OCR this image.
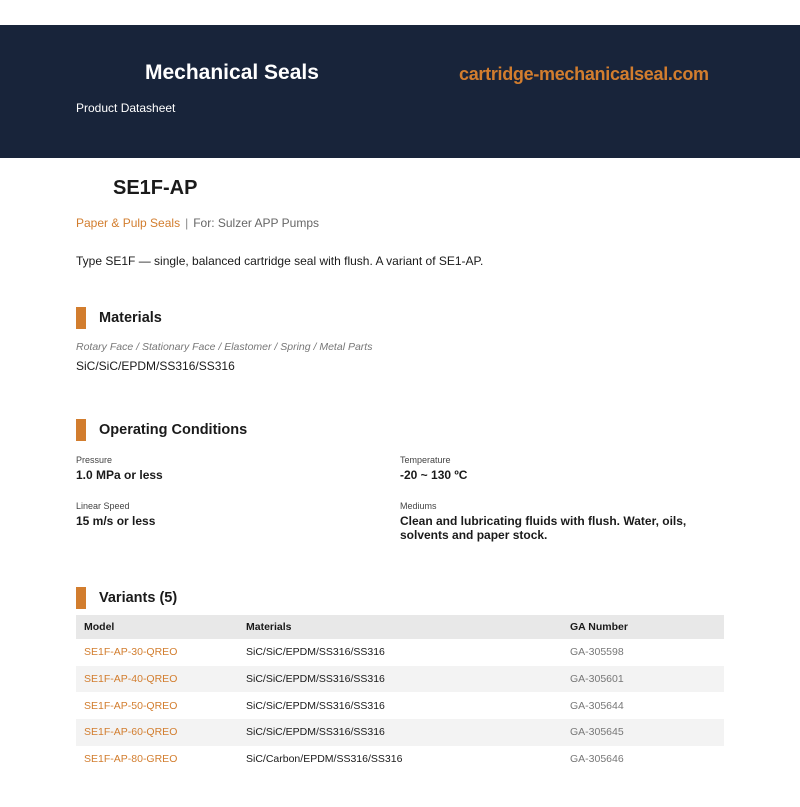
Mechanical Seals
Product Datasheet
cartridge-mechanicalseal.com
SE1F-AP
Paper & Pulp Seals | For: Sulzer APP Pumps
Type SE1F — single, balanced cartridge seal with flush. A variant of SE1-AP.
Materials
Rotary Face / Stationary Face / Elastomer / Spring / Metal Parts
SiC/SiC/EPDM/SS316/SS316
Operating Conditions
Pressure
1.0 MPa or less
Temperature
-20 ~ 130 ºC
Linear Speed
15 m/s or less
Mediums
Clean and lubricating fluids with flush. Water, oils, solvents and paper stock.
Variants (5)
Model	Materials	GA Number
SE1F-AP-30-QREO	SiC/SiC/EPDM/SS316/SS316	GA-305598
SE1F-AP-40-QREO	SiC/SiC/EPDM/SS316/SS316	GA-305601
SE1F-AP-50-QREO	SiC/SiC/EPDM/SS316/SS316	GA-305644
SE1F-AP-60-QREO	SiC/SiC/EPDM/SS316/SS316	GA-305645
SE1F-AP-80-GREO	SiC/Carbon/EPDM/SS316/SS316	GA-305646
